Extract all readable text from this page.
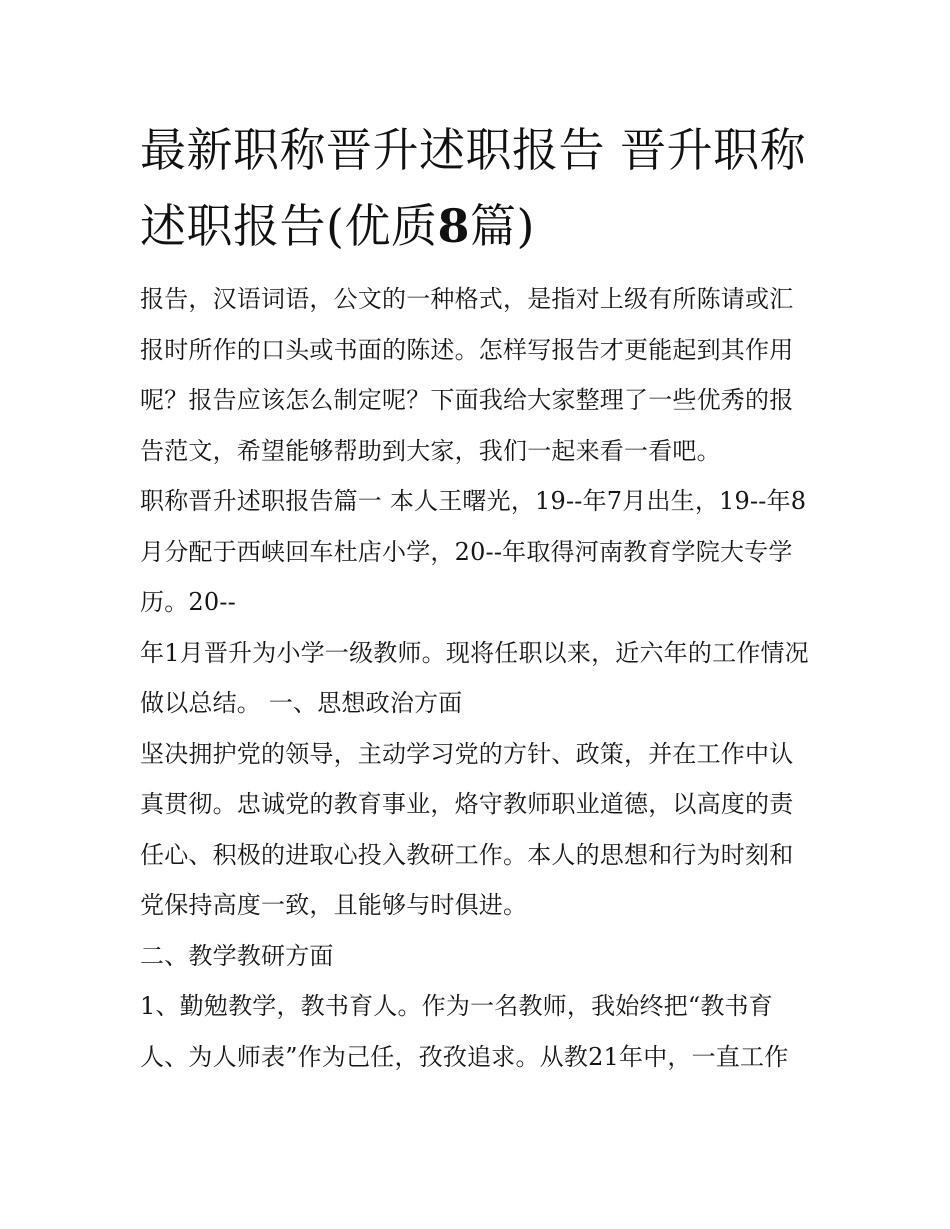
最新职称晋升述职报告 晋升职称述职报告(优质8篇)

报告，汉语词语，公文的一种格式，是指对上级有所陈请或汇报时所作的口头或书面的陈述。怎样写报告才更能起到其作用呢？报告应该怎么制定呢？下面我给大家整理了一些优秀的报告范文，希望能够帮助到大家，我们一起来看一看吧。

职称晋升述职报告篇一 本人王曙光，19--年7月出生，19--年8月分配于西峡回车杜店小学，20--年取得河南教育学院大专学历。20--

年1月晋升为小学一级教师。现将任职以来，近六年的工作情况做以总结。 一、思想政治方面

坚决拥护党的领导，主动学习党的方针、政策，并在工作中认真贯彻。忠诚党的教育事业，烙守教师职业道德，以高度的责任心、积极的进取心投入教研工作。本人的思想和行为时刻和党保持高度一致，且能够与时俱进。

二、教学教研方面

1、勤勉教学，教书育人。作为一名教师，我始终把“教书育人、为人师表”作为己任，孜孜追求。从教21年中，一直工作
